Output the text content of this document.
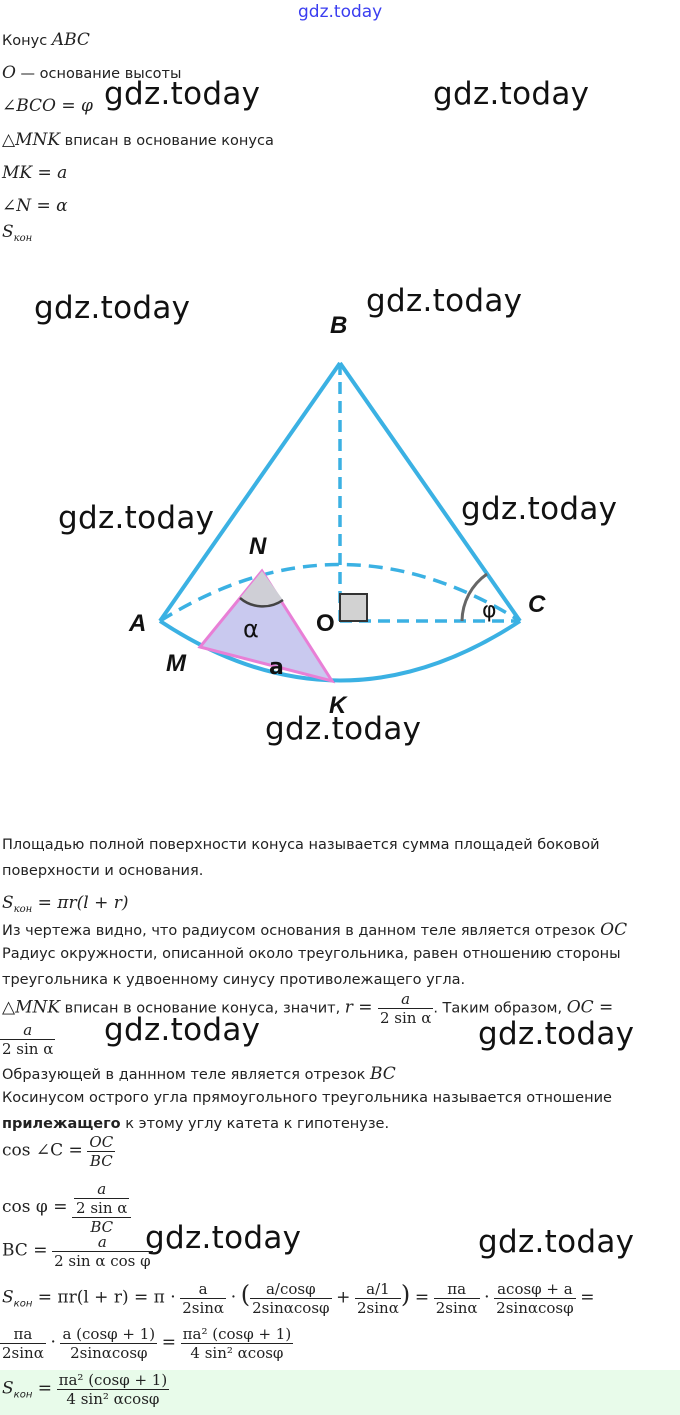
gdz.today
Конус ABC
O — основание высоты
∠BCO = φ
△MNK вписан в основание конуса
MK = a
∠N = α
$S_{кон}$
B
N
A	O
C
M
K
α
a
φ
gdz.today	gdz.today
gdz.today	gdz.today
gdz.today	gdz.today
gdz.today
gdz.today	gdz.today
gdz.today	gdz.today
Площадью полной поверхности конуса называется сумма площадей боковой
поверхности и основания.
$S_{кон} = \pi r(l + r)$
Из чертежа видно, что радиусом основания в данном теле является отрезок OC
Радиус окружности, описанной около треугольника, равен отношению стороны
треугольника к удвоенному синусу противолежащего угла.
△MNK вписан в основание конуса, значит, $r = \frac{a}{\text{2 sin α}}$ . Таким образом, OC =
$\frac{a}{\text{2 sin α}}$
Образующей в даннном теле является отрезок BC
Косинусом острого угла прямоугольного треугольника называется отношение
прилежащего к этому углу катета к гипотенузе.
cos ∠C = $\frac{OC}{BC}$
$\cos \varphi = \frac{\frac{a}{\text{2 sin α}}}{BC}$
BC = $\frac{a}{\text{2 sin α cos φ}}$
$S_{кон} = \pi r(l + r) = \pi \cdot \frac{a}{2\sin\alpha}$ · ( $\frac{a/\cos\varphi}{2\sin\alpha\cos\varphi} + \frac{a/1}{2\sin\alpha}$ ) = $\frac{\pi a}{2\sin\alpha} \cdot \frac{acos\varphi + a}{2\sin\alpha\cos\varphi}$ =
$\frac{\pi a}{2\sin\alpha} \cdot \frac{a (\cos\varphi + 1)}{2\sin\alpha\cos\varphi} = \frac{\text{πa² (cosφ + 1)}}{\text{4 sin² αcosφ}}$
$S_{кон} = \frac{\text{πa² (cosφ + 1)}}{\text{4 sin² αcosφ}}$
